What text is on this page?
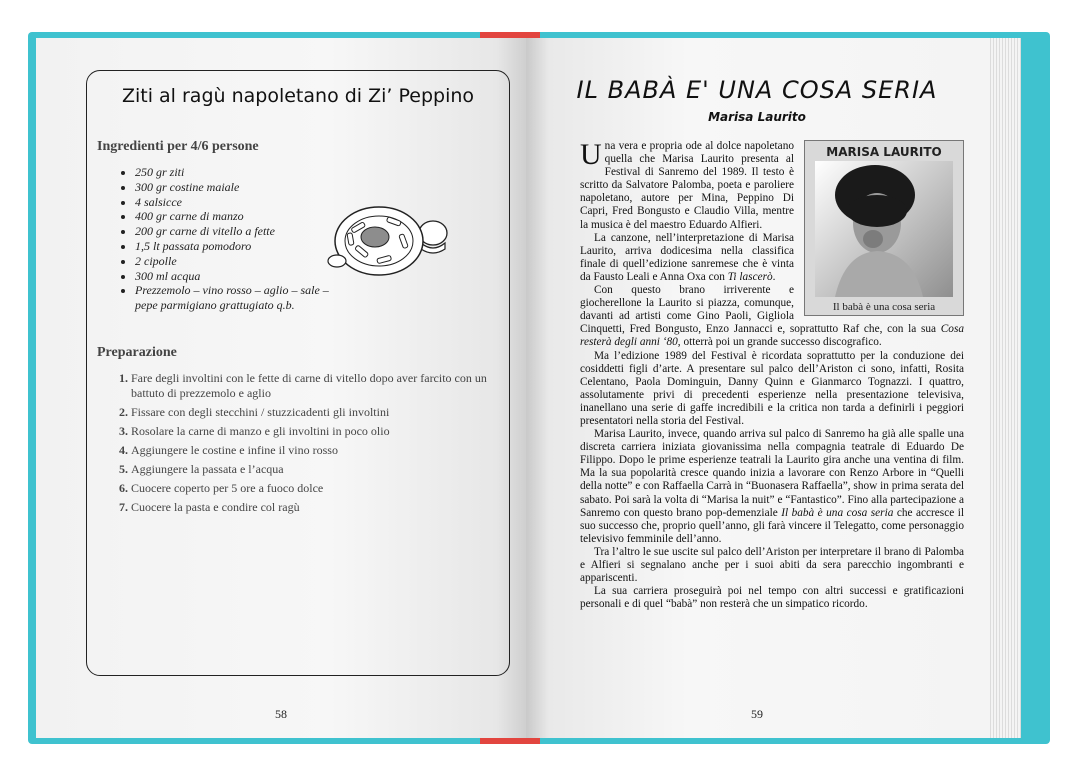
Ziti al ragù napoletano di Zi’ Peppino
Ingredienti per 4/6 persone
• 250 gr ziti
• 300 gr costine maiale
• 4 salsicce
• 400 gr carne di manzo
• 200 gr carne di vitello a fette
• 1,5 lt passata pomodoro
• 2 cipolle
• 300 ml acqua
• Prezzemolo – vino rosso – aglio – sale – pepe parmigiano grattugiato q.b.
Preparazione
1. Fare degli involtini con le fette di carne di vitello dopo aver farcito con un battuto di prezzemolo e aglio
2. Fissare con degli stecchini / stuzzicadenti gli involtini
3. Rosolare la carne di manzo e gli involtini in poco olio
4. Aggiungere le costine e infine il vino rosso
5. Aggiungere la passata e l’acqua
6. Cuocere coperto per 5 ore a fuoco dolce
7. Cuocere la pasta e condire col ragù
58
IL BABÀ E' UNA COSA SERIA
Marisa Laurito
MARISA LAURITO
Il babà è una cosa seria

Una vera e propria ode al dolce napoletano quella che Marisa Laurito presenta al Festival di Sanremo del 1989. Il testo è scritto da Salvatore Palomba, poeta e paroliere napoletano, autore per Mina, Peppino Di Capri, Fred Bongusto e Claudio Villa, mentre la musica è del maestro Eduardo Alfieri.

La canzone, nell’interpretazione di Marisa Laurito, arriva dodicesima nella classifica finale di quell’edizione sanremese che è vinta da Fausto Leali e Anna Oxa con Ti lascerò.

Con questo brano irriverente e giocherellone la Laurito si piazza, comunque, davanti ad artisti come Gino Paoli, Gigliola Cinquetti, Fred Bongusto, Enzo Jannacci e, soprattutto Raf che, con la sua Cosa resterà degli anni ‘80, otterrà poi un grande successo discografico.

Ma l’edizione 1989 del Festival è ricordata soprattutto per la conduzione dei cosiddetti figli d’arte. A presentare sul palco dell’Ariston ci sono, infatti, Rosita Celentano, Paola Dominguin, Danny Quinn e Gianmarco Tognazzi. I quattro, assolutamente privi di precedenti esperienze nella presentazione televisiva, inanellano una serie di gaffe incredibili e la critica non tarda a definirli i peggiori presentatori nella storia del Festival.

Marisa Laurito, invece, quando arriva sul palco di Sanremo ha già alle spalle una discreta carriera iniziata giovanissima nella compagnia teatrale di Eduardo De Filippo. Dopo le prime esperienze teatrali la Laurito gira anche una ventina di film. Ma la sua popolarità cresce quando inizia a lavorare con Renzo Arbore in “Quelli della notte” e con Raffaella Carrà in “Buonasera Raffaella”, show in prima serata del sabato. Poi sarà la volta di “Marisa la nuit” e “Fantastico”. Fino alla partecipazione a Sanremo con questo brano pop-demenziale Il babà è una cosa seria che accresce il suo successo che, proprio quell’anno, gli farà vincere il Telegatto, come personaggio televisivo femminile dell’anno.

Tra l’altro le sue uscite sul palco dell’Ariston per interpretare il brano di Palomba e Alfieri si segnalano anche per i suoi abiti da sera parecchio ingombranti e appariscenti.

La sua carriera proseguirà poi nel tempo con altri successi e gratificazioni personali e di quel “babà” non resterà che un simpatico ricordo.

59
